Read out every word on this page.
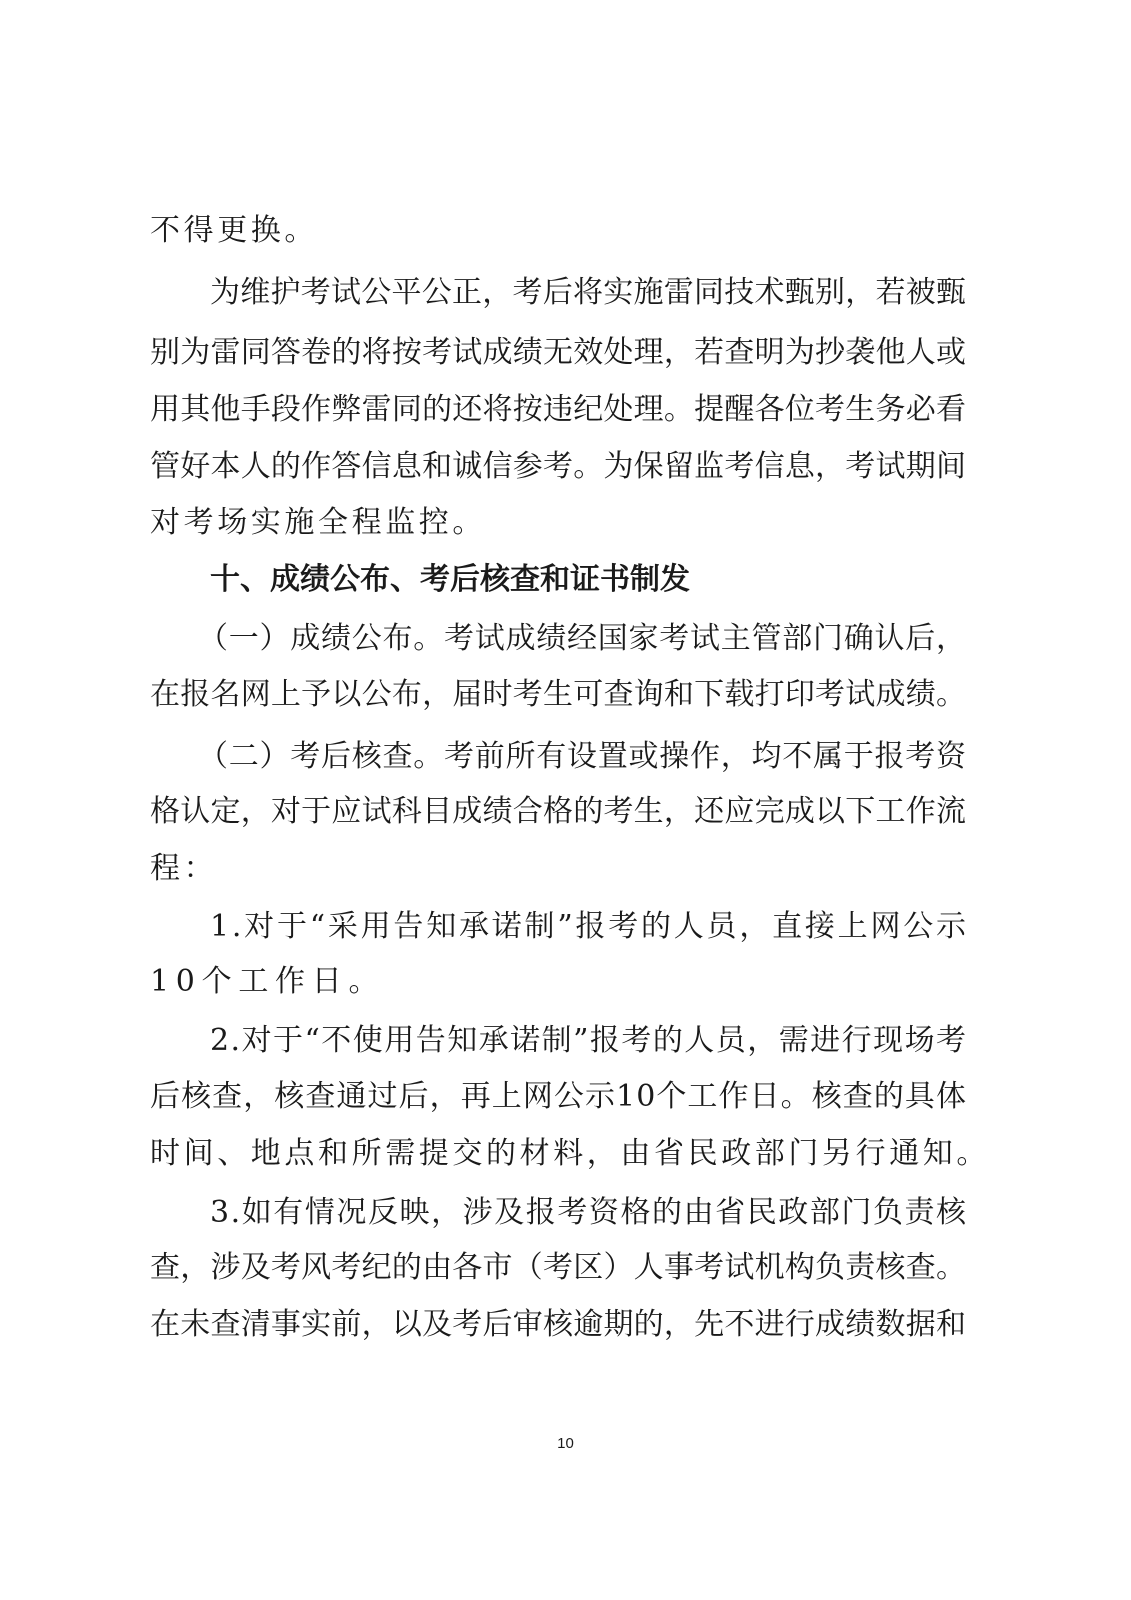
不得更换。
为维护考试公平公正，考后将实施雷同技术甄别，若被甄
别为雷同答卷的将按考试成绩无效处理，若查明为抄袭他人或
用其他手段作弊雷同的还将按违纪处理。提醒各位考生务必看
管好本人的作答信息和诚信参考。为保留监考信息，考试期间
对考场实施全程监控。
十、成绩公布、考后核查和证书制发
（一）成绩公布。考试成绩经国家考试主管部门确认后，
在报名网上予以公布，届时考生可查询和下载打印考试成绩。
（二）考后核查。考前所有设置或操作，均不属于报考资
格认定，对于应试科目成绩合格的考生，还应完成以下工作流
程：
1.对于“采用告知承诺制”报考的人员，直接上网公示
10个工作日。
2.对于“不使用告知承诺制”报考的人员，需进行现场考
后核查，核查通过后，再上网公示10个工作日。核查的具体
时间、地点和所需提交的材料，由省民政部门另行通知。
3.如有情况反映，涉及报考资格的由省民政部门负责核
查，涉及考风考纪的由各市（考区）人事考试机构负责核查。
在未查清事实前，以及考后审核逾期的，先不进行成绩数据和
10
